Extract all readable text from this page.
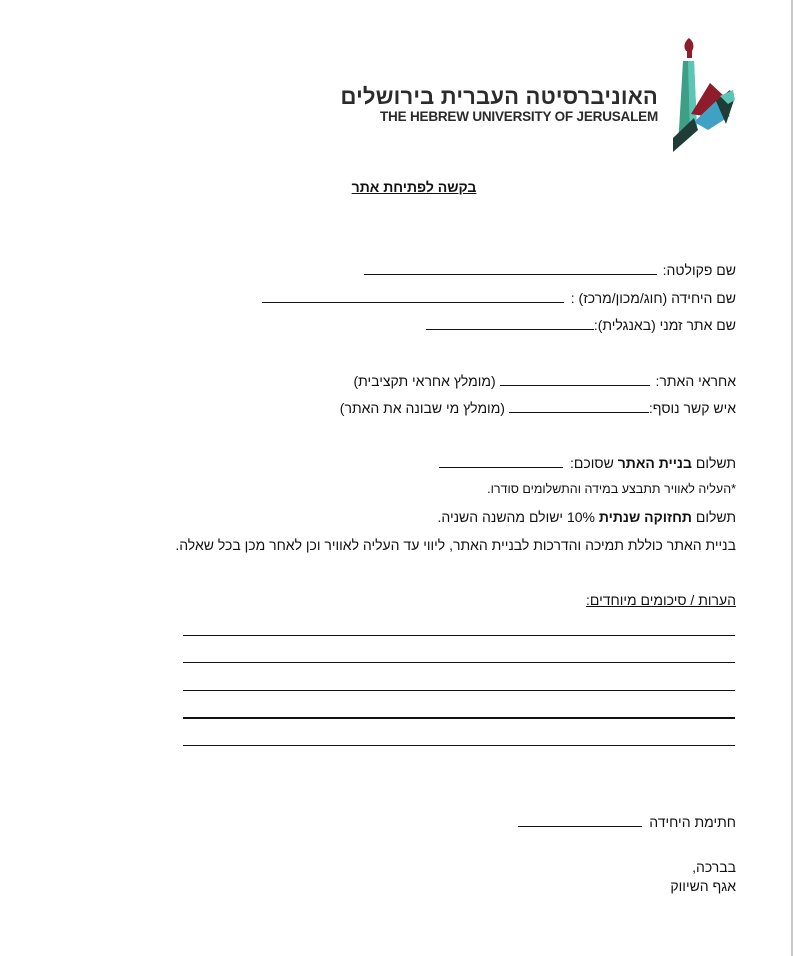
האוניברסיטה העברית בירושלים
THE HEBREW UNIVERSITY OF JERUSALEM
בקשה לפתיחת אתר
שם פקולטה:
שם היחידה (חוג/מכון/מרכז) :
שם אתר זמני (באנגלית):
אחראי האתר:  (מומלץ אחראי תקציבית)
איש קשר נוסף: (מומלץ מי שבונה את האתר)
תשלום בניית האתר שסוכם:
*העליה לאוויר תתבצע במידה והתשלומים סודרו.
תשלום תחזוקה שנתית 10% ישולם מהשנה השניה.
בניית האתר כוללת תמיכה והדרכות לבניית האתר, ליווי עד העליה לאוויר וכן לאחר מכן בכל שאלה.
הערות / סיכומים מיוחדים:
חתימת היחידה
בברכה,
אגף השיווק
